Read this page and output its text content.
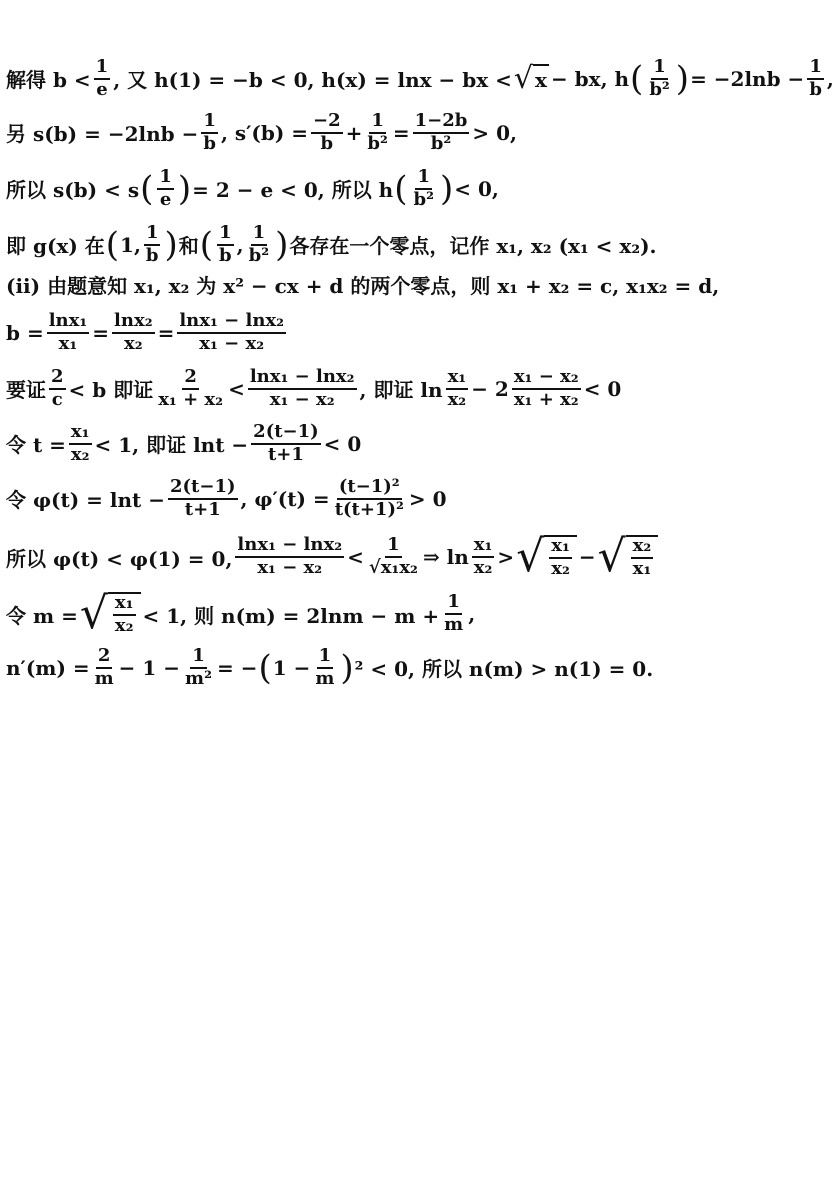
解得 $b < \frac{1}{e}$ , 又 h(1) = −b < 0, h(x) = lnx − bx < √ x − bx, h ( $\frac{1}{\text{b²}}$ ) = $-2\ln b - \frac{1}{b}$ ,
另 $s(b) = -2\ln b - \frac{1}{b}$ , $s'(b) = \frac{-2}{b} + \frac{1}{\text{b²}} = \frac{1-2b}{\text{b²}} > 0$,
所以 s(b) < s ( $\frac{1}{e}$ ) = 2 − e < 0, 所以 h ( $\frac{1}{\text{b²}}$ ) < 0,
即 g(x) 在 ( 1, $\frac{1}{b}$ ) 和 ( $\frac{1}{b}$ , $\frac{1}{\text{b²}}$ ) 各存在一个零点，记作 x₁, x₂ (x₁ < x₂).
(ii) 由题意知 x₁, x₂ 为 x² − cx + d 的两个零点，则 x₁ + x₂ = c, x₁x₂ = d,
$b = \frac{\text{lnx₁}}{\text{x₁}} = \frac{\text{lnx₂}}{\text{x₂}} = \frac{\text{lnx₁ − lnx₂}}{\text{x₁ − x₂}}$
要证 $\frac{2}{c} < b$ 即证 $\frac{2}{\text{x₁ + x₂}} < \frac{\text{lnx₁ − lnx₂}}{\text{x₁ − x₂}}$ , 即证 $\ln \frac{\text{x₁}}{\text{x₂}} - 2 \frac{\text{x₁ − x₂}}{\text{x₁ + x₂}} < 0$
令 $t = \frac{\text{x₁}}{\text{x₂}} < 1$, 即证 $\ln t - \frac{2(t-1)}{t+1} < 0$
令 $\varphi(t) = \ln t - \frac{2(t-1)}{t+1}$ , $\varphi'(t) = \frac{\text{(t−1)²}}{\text{t(t+1)²}} > 0$
所以 φ(t) < φ(1) = 0, $\frac{\text{lnx₁ − lnx₂}}{\text{x₁ − x₂}} < \frac{1}{\text{√x₁x₂}}$ ⇒ $\ln \frac{\text{x₁}}{\text{x₂}}$ > √ $\frac{\text{x₁}}{\text{x₂}}$ − √ $\frac{\text{x₂}}{\text{x₁}}$
令 m = √ $\frac{\text{x₁}}{\text{x₂}} < 1$, 则 $n(m) = 2\ln m - m + \frac{1}{m}$ ,
$n'(m) = \frac{2}{m} - 1 - \frac{1}{\text{m²}}$ = − ( $1 - \frac{1}{m}$ ) ² < 0, 所以 n(m) > n(1) = 0.
